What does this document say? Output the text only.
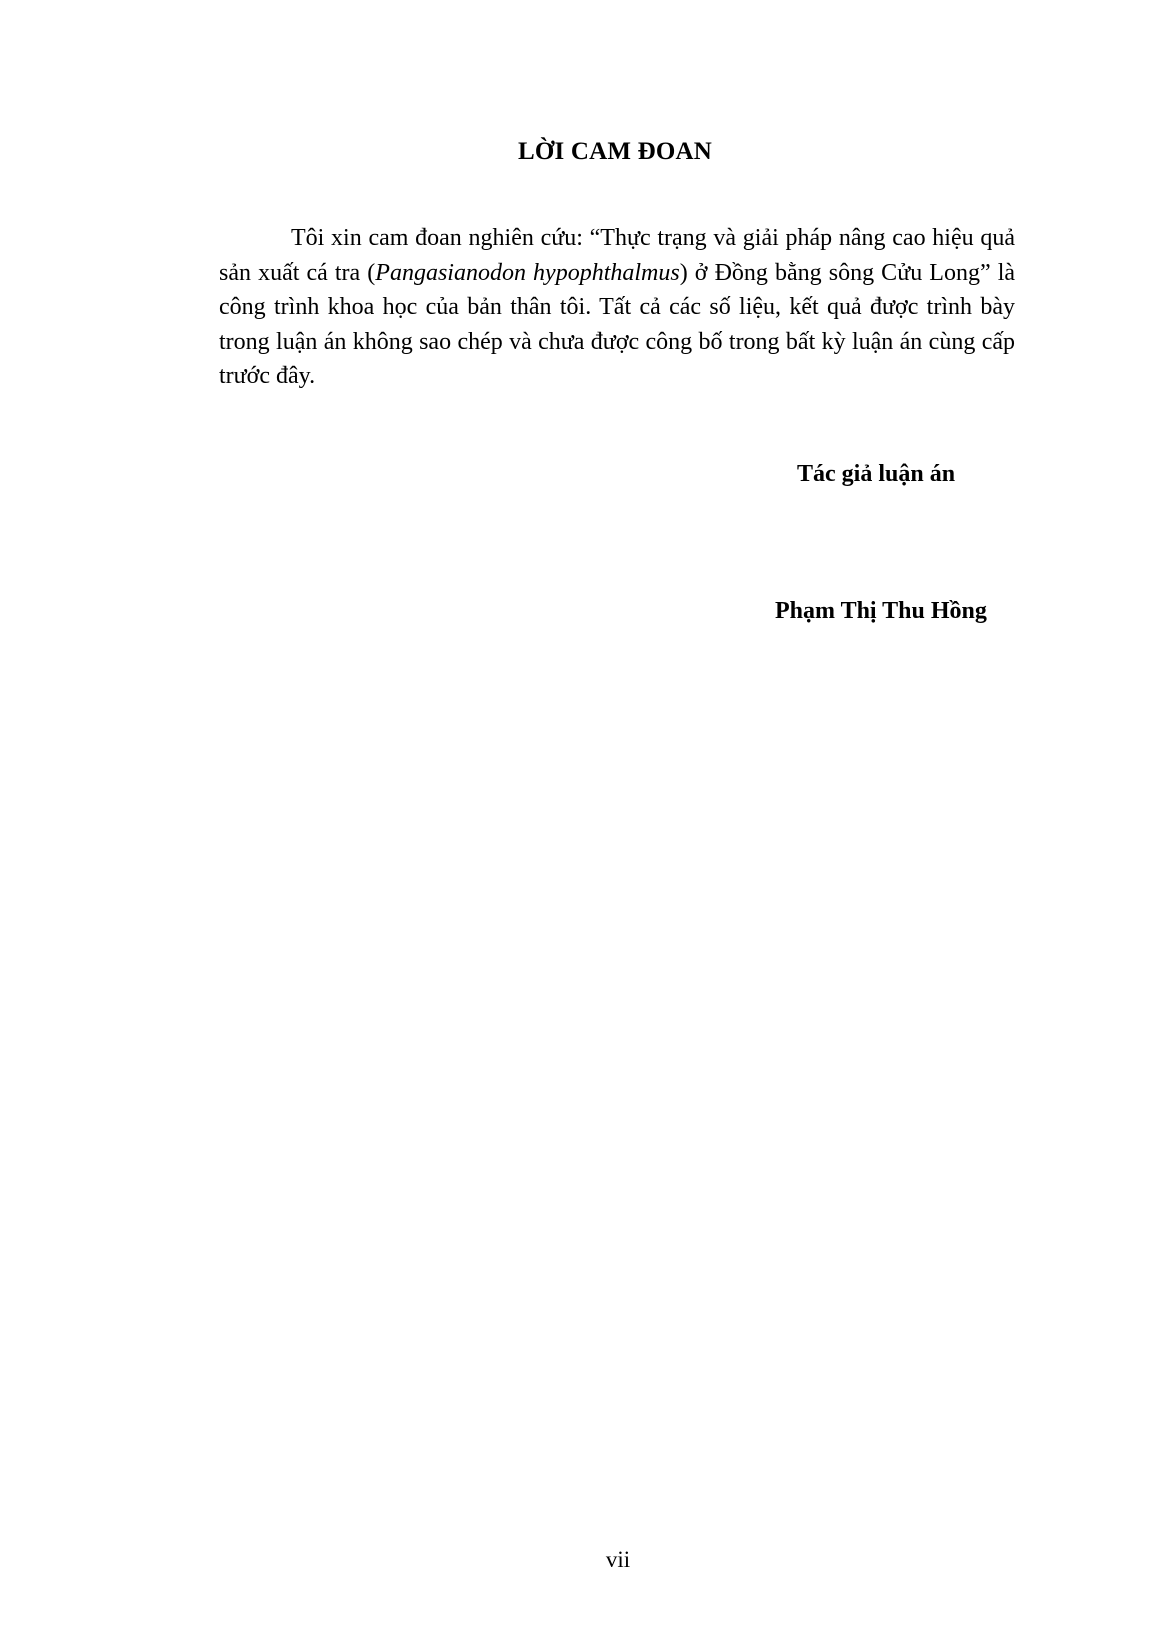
LỜI CAM ĐOAN

Tôi xin cam đoan nghiên cứu: “Thực trạng và giải pháp nâng cao hiệu quả sản xuất cá tra (Pangasianodon hypophthalmus) ở Đồng bằng sông Cửu Long” là công trình khoa học của bản thân tôi. Tất cả các số liệu, kết quả được trình bày trong luận án không sao chép và chưa được công bố trong bất kỳ luận án cùng cấp trước đây.

Tác giả luận án
Phạm Thị Thu Hồng
vii
